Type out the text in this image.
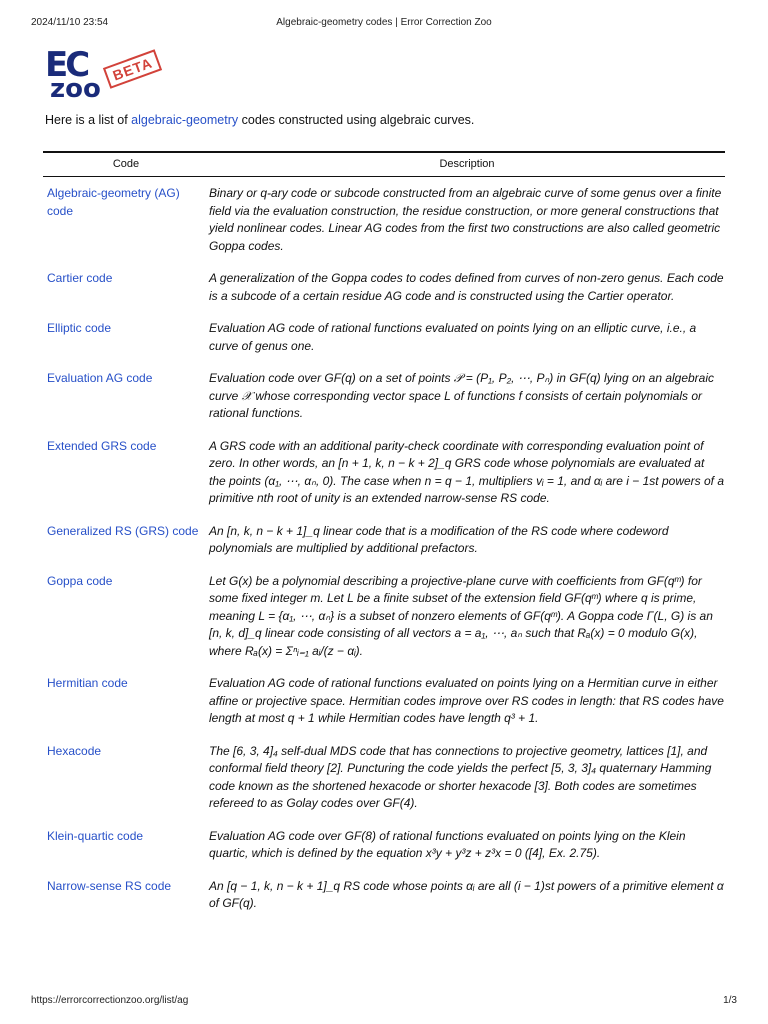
2024/11/10 23:54	Algebraic-geometry codes | Error Correction Zoo
EC
zoo
BETA
Here is a list of algebraic-geometry codes constructed using algebraic curves.
Code	Description
Algebraic-geometry (AG) code	Binary or q-ary code or subcode constructed from an algebraic curve of some genus over a finite field via the evaluation construction, the residue construction, or more general constructions that yield nonlinear codes. Linear AG codes from the first two constructions are also called geometric Goppa codes.
Cartier code	A generalization of the Goppa codes to codes defined from curves of non-zero genus. Each code is a subcode of a certain residue AG code and is constructed using the Cartier operator.
Elliptic code	Evaluation AG code of rational functions evaluated on points lying on an elliptic curve, i.e., a curve of genus one.
Evaluation AG code	Evaluation code over GF(q) on a set of points 𝒫 = (P₁, P₂, ⋯, Pₙ) in GF(q) lying on an algebraic curve 𝒳 whose corresponding vector space L of functions f consists of certain polynomials or rational functions.
Extended GRS code	A GRS code with an additional parity-check coordinate with corresponding evaluation point of zero. In other words, an [n + 1, k, n − k + 2]_q GRS code whose polynomials are evaluated at the points (α₁, ⋯, αₙ, 0). The case when n = q − 1, multipliers vᵢ = 1, and αᵢ are i − 1st powers of a primitive nth root of unity is an extended narrow-sense RS code.
Generalized RS (GRS) code	An [n, k, n − k + 1]_q linear code that is a modification of the RS code where codeword polynomials are multiplied by additional prefactors.
Goppa code	Let G(x) be a polynomial describing a projective-plane curve with coefficients from GF(qᵐ) for some fixed integer m. Let L be a finite subset of the extension field GF(qᵐ) where q is prime, meaning L = {α₁, ⋯, αₙ} is a subset of nonzero elements of GF(qᵐ). A Goppa code Γ(L, G) is an [n, k, d]_q linear code consisting of all vectors a = a₁, ⋯, aₙ such that Rₐ(x) = 0 modulo G(x), where Rₐ(x) = Σⁿᵢ₌₁ aᵢ/(z − αᵢ).
Hermitian code	Evaluation AG code of rational functions evaluated on points lying on a Hermitian curve in either affine or projective space. Hermitian codes improve over RS codes in length: that RS codes have length at most q + 1 while Hermitian codes have length q³ + 1.
Hexacode	The [6, 3, 4]₄ self-dual MDS code that has connections to projective geometry, lattices [1], and conformal field theory [2]. Puncturing the code yields the perfect [5, 3, 3]₄ quaternary Hamming code known as the shortened hexacode or shorter hexacode [3]. Both codes are sometimes refereed to as Golay codes over GF(4).
Klein-quartic code	Evaluation AG code over GF(8) of rational functions evaluated on points lying on the Klein quartic, which is defined by the equation x³y + y³z + z³x = 0 ([4], Ex. 2.75).
Narrow-sense RS code	An [q − 1, k, n − k + 1]_q RS code whose points αᵢ are all (i − 1)st powers of a primitive element α of GF(q).
https://errorcorrectionzoo.org/list/ag	1/3
